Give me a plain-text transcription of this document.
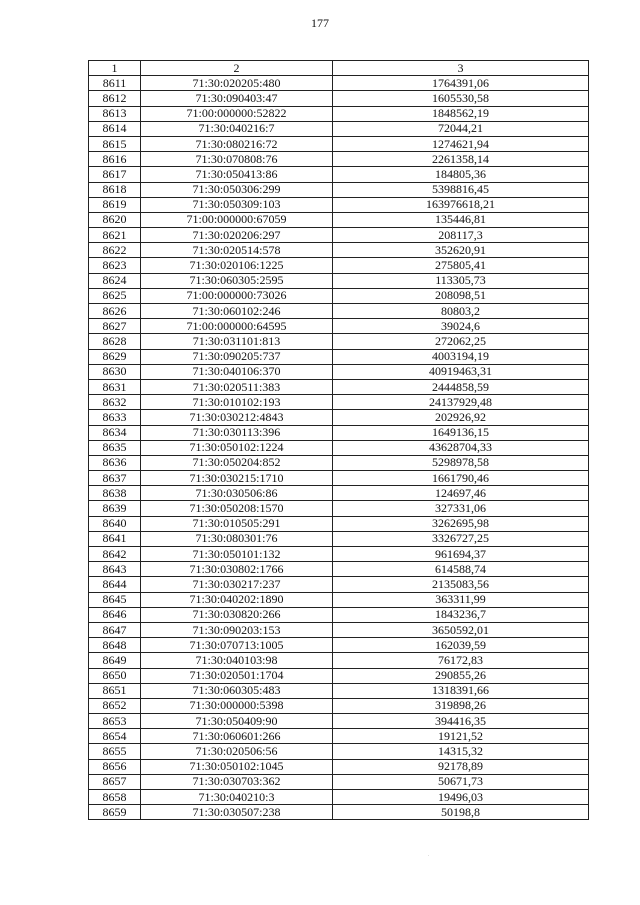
177
1	2	3
8611	71:30:020205:480	1764391,06
8612	71:30:090403:47	1605530,58
8613	71:00:000000:52822	1848562,19
8614	71:30:040216:7	72044,21
8615	71:30:080216:72	1274621,94
8616	71:30:070808:76	2261358,14
8617	71:30:050413:86	184805,36
8618	71:30:050306:299	5398816,45
8619	71:30:050309:103	163976618,21
8620	71:00:000000:67059	135446,81
8621	71:30:020206:297	208117,3
8622	71:30:020514:578	352620,91
8623	71:30:020106:1225	275805,41
8624	71:30:060305:2595	113305,73
8625	71:00:000000:73026	208098,51
8626	71:30:060102:246	80803,2
8627	71:00:000000:64595	39024,6
8628	71:30:031101:813	272062,25
8629	71:30:090205:737	4003194,19
8630	71:30:040106:370	40919463,31
8631	71:30:020511:383	2444858,59
8632	71:30:010102:193	24137929,48
8633	71:30:030212:4843	202926,92
8634	71:30:030113:396	1649136,15
8635	71:30:050102:1224	43628704,33
8636	71:30:050204:852	5298978,58
8637	71:30:030215:1710	1661790,46
8638	71:30:030506:86	124697,46
8639	71:30:050208:1570	327331,06
8640	71:30:010505:291	3262695,98
8641	71:30:080301:76	3326727,25
8642	71:30:050101:132	961694,37
8643	71:30:030802:1766	614588,74
8644	71:30:030217:237	2135083,56
8645	71:30:040202:1890	363311,99
8646	71:30:030820:266	1843236,7
8647	71:30:090203:153	3650592,01
8648	71:30:070713:1005	162039,59
8649	71:30:040103:98	76172,83
8650	71:30:020501:1704	290855,26
8651	71:30:060305:483	1318391,66
8652	71:30:000000:5398	319898,26
8653	71:30:050409:90	394416,35
8654	71:30:060601:266	19121,52
8655	71:30:020506:56	14315,32
8656	71:30:050102:1045	92178,89
8657	71:30:030703:362	50671,73
8658	71:30:040210:3	19496,03
8659	71:30:030507:238	50198,8
.
